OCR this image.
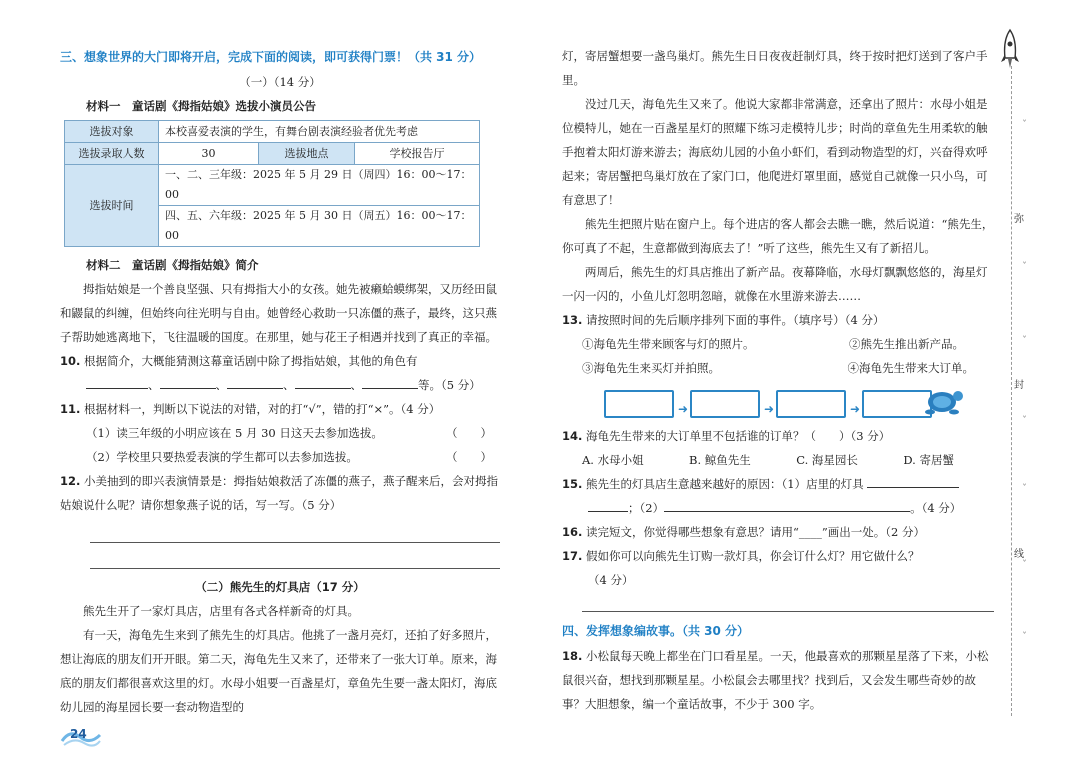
三、想象世界的大门即将开启，完成下面的阅读，即可获得门票！（共 31 分）
（一）（14 分）
材料一　童话剧《拇指姑娘》选拔小演员公告
选拔对象	本校喜爱表演的学生，有舞台剧表演经验者优先考虑		
选拔录取人数	30	选拔地点	学校报告厅
选拔时间	一、二、三年级：2025 年 5 月 29 日（周四）16：00～17：00		
	四、五、六年级：2025 年 5 月 30 日（周五）16：00～17：00		
材料二　童话剧《拇指姑娘》简介
拇指姑娘是一个善良坚强、只有拇指大小的女孩。她先被癞蛤蟆绑架，又历经田鼠和鼹鼠的纠缠，但始终向往光明与自由。她曾经心救助一只冻僵的燕子，最终，这只燕子帮助她逃离地下，飞往温暖的国度。在那里，她与花王子相遇并找到了真正的幸福。
10. 根据简介，大概能猜测这幕童话剧中除了拇指姑娘，其他的角色有
、	、	、	、	等。（5 分）
11. 根据材料一，判断以下说法的对错，对的打“√”，错的打“×”。（4 分）
（1）读三年级的小明应该在 5 月 30 日这天去参加选拔。	（　　）
（2）学校里只要热爱表演的学生都可以去参加选拔。	（　　）
12. 小美抽到的即兴表演情景是：拇指姑娘救活了冻僵的燕子，燕子醒来后，会对拇指姑娘说什么呢？请你想象燕子说的话，写一写。（5 分）
（二）熊先生的灯具店（17 分）
熊先生开了一家灯具店，店里有各式各样新奇的灯具。
有一天，海龟先生来到了熊先生的灯具店。他挑了一盏月亮灯，还拍了好多照片，想让海底的朋友们开开眼。第二天，海龟先生又来了，还带来了一张大订单。原来，海底的朋友们都很喜欢这里的灯。水母小姐要一百盏星灯，章鱼先生要一盏太阳灯，海底幼儿园的海星园长要一套动物造型的
24
灯，寄居蟹想要一盏鸟巢灯。熊先生日日夜夜赶制灯具，终于按时把灯送到了客户手里。
没过几天，海龟先生又来了。他说大家都非常满意，还拿出了照片：水母小姐是位模特儿，她在一百盏星星灯的照耀下练习走模特儿步；时尚的章鱼先生用柔软的触手抱着太阳灯游来游去；海底幼儿园的小鱼小虾们，看到动物造型的灯，兴奋得欢呼起来；寄居蟹把鸟巢灯放在了家门口，他爬进灯罩里面，感觉自己就像一只小鸟，可有意思了！
熊先生把照片贴在窗户上。每个进店的客人都会去瞧一瞧，然后说道：“熊先生，你可真了不起，生意都做到海底去了！”听了这些，熊先生又有了新招儿。
两周后，熊先生的灯具店推出了新产品。夜幕降临，水母灯飘飘悠悠的，海星灯一闪一闪的，小鱼儿灯忽明忽暗，就像在水里游来游去……
13. 请按照时间的先后顺序排列下面的事件。（填序号）（4 分）
①海龟先生带来顾客与灯的照片。	②熊先生推出新产品。
③海龟先生来买灯并拍照。	④海龟先生带来大订单。
➜	➜	➜
14. 海龟先生带来的大订单里不包括谁的订单？（　　）（3 分）
A. 水母小姐	B. 鲸鱼先生	C. 海星园长	D. 寄居蟹
15. 熊先生的灯具店生意越来越好的原因：（1）店里的灯具
；（2）	。（4 分）
16. 读完短文，你觉得哪些想象有意思？请用“____”画出一处。（2 分）
17. 假如你可以向熊先生订购一款灯具，你会订什么灯？用它做什么？
（4 分）
四、发挥想象编故事。（共 30 分）
18. 小松鼠每天晚上都坐在门口看星星。一天，他最喜欢的那颗星星落了下来，小松鼠很兴奋，想找到那颗星星。小松鼠会去哪里找？找到后，又会发生哪些奇妙的故事？大胆想象，编一个童话故事，不少于 300 字。
弥
封
线
ˇ
ˇ
ˇ
ˇ
ˇ
ˇ
ˇ
